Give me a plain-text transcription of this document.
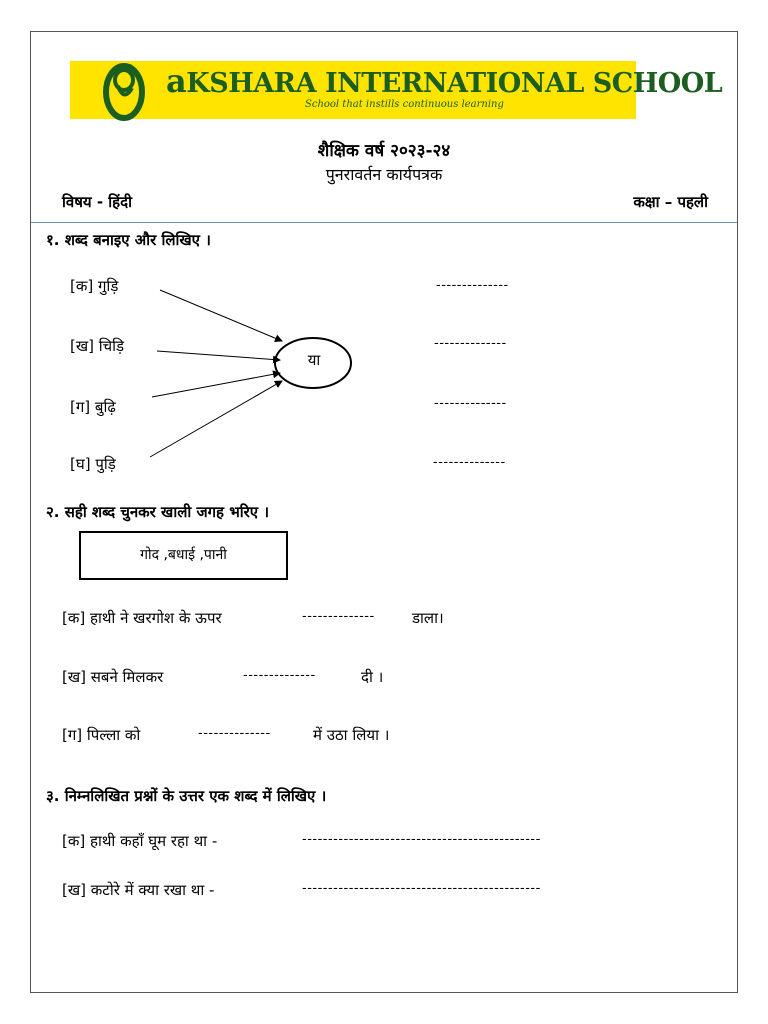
aKSHARA INTERNATIONAL SCHOOL
School that instills continuous learning
शैक्षिक वर्ष २०२३-२४
पुनरावर्तन कार्यपत्रक
विषय - हिंदी	कक्षा – पहली
१. शब्द बनाइए और लिखिए ।
[क] गुड़ि
[ख] चिड़ि
[ग] बुढ़ि
[घ] पुड़ि
या
--------------
--------------
--------------
--------------
२. सही शब्द चुनकर खाली जगह भरिए ।
गोद ,बधाई ,पानी
[क] हाथी ने खरगोश के ऊपर	-------------- डाला।
[ख] सबने मिलकर	--------------	दी ।
[ग] पिल्ला को	--------------	में उठा लिया ।
३. निम्नलिखित प्रश्नों के उत्तर एक शब्द में लिखिए ।
[क] हाथी कहाँ घूम रहा था -	----------------------------------------------
[ख] कटोरे में क्या रखा था -	----------------------------------------------
